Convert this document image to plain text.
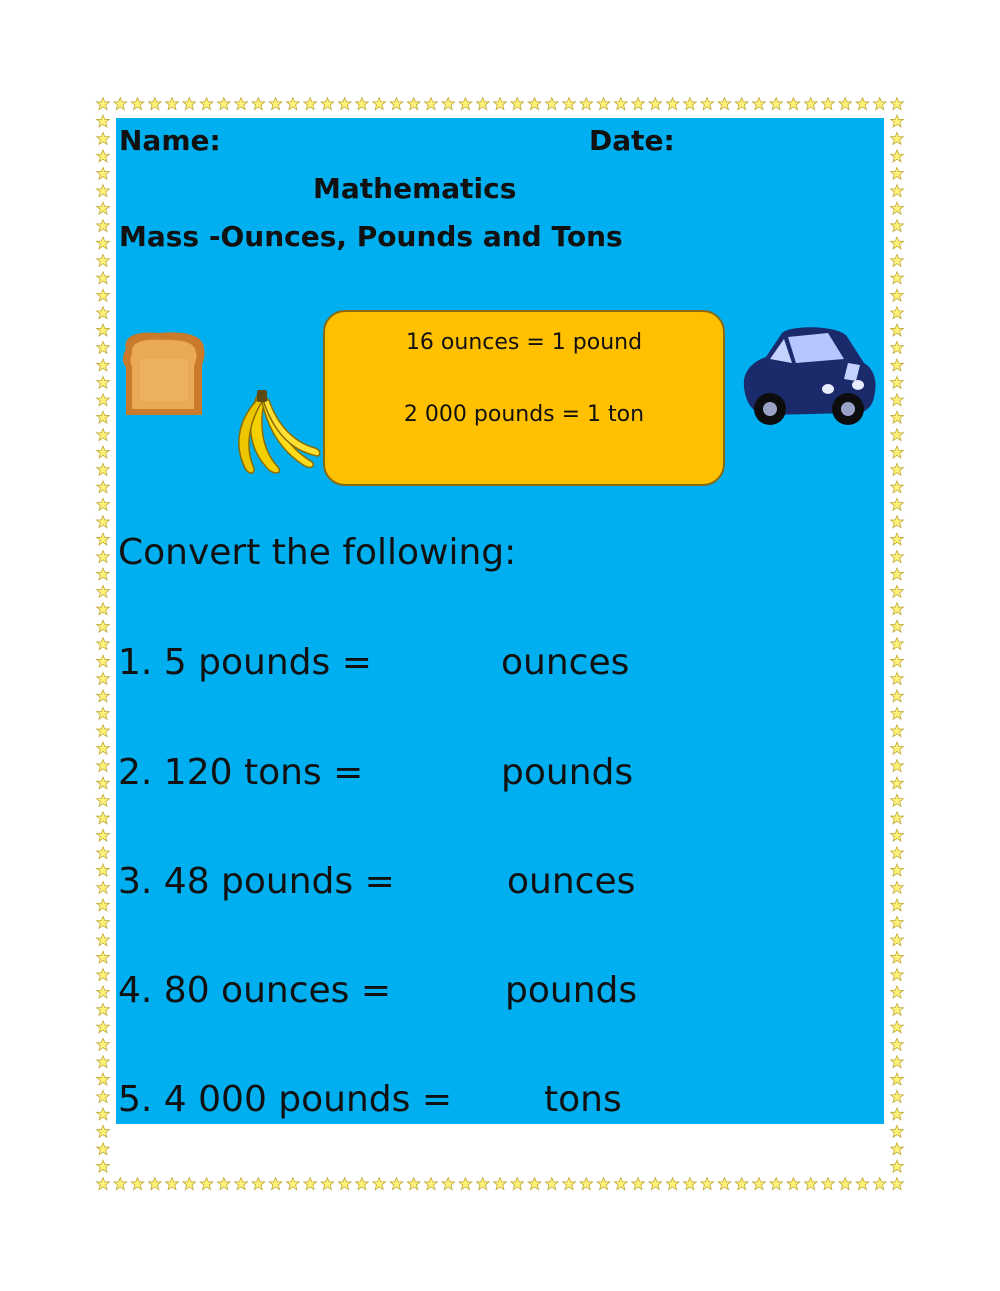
Name:	Date:
Mathematics
Mass -Ounces, Pounds and Tons
16 ounces = 1 pound
2 000 pounds = 1 ton
Convert the following:
1. 5 pounds =	ounces
2. 120 tons =	pounds
3. 48 pounds =	ounces
4. 80 ounces =	pounds
5. 4 000 pounds =	tons
